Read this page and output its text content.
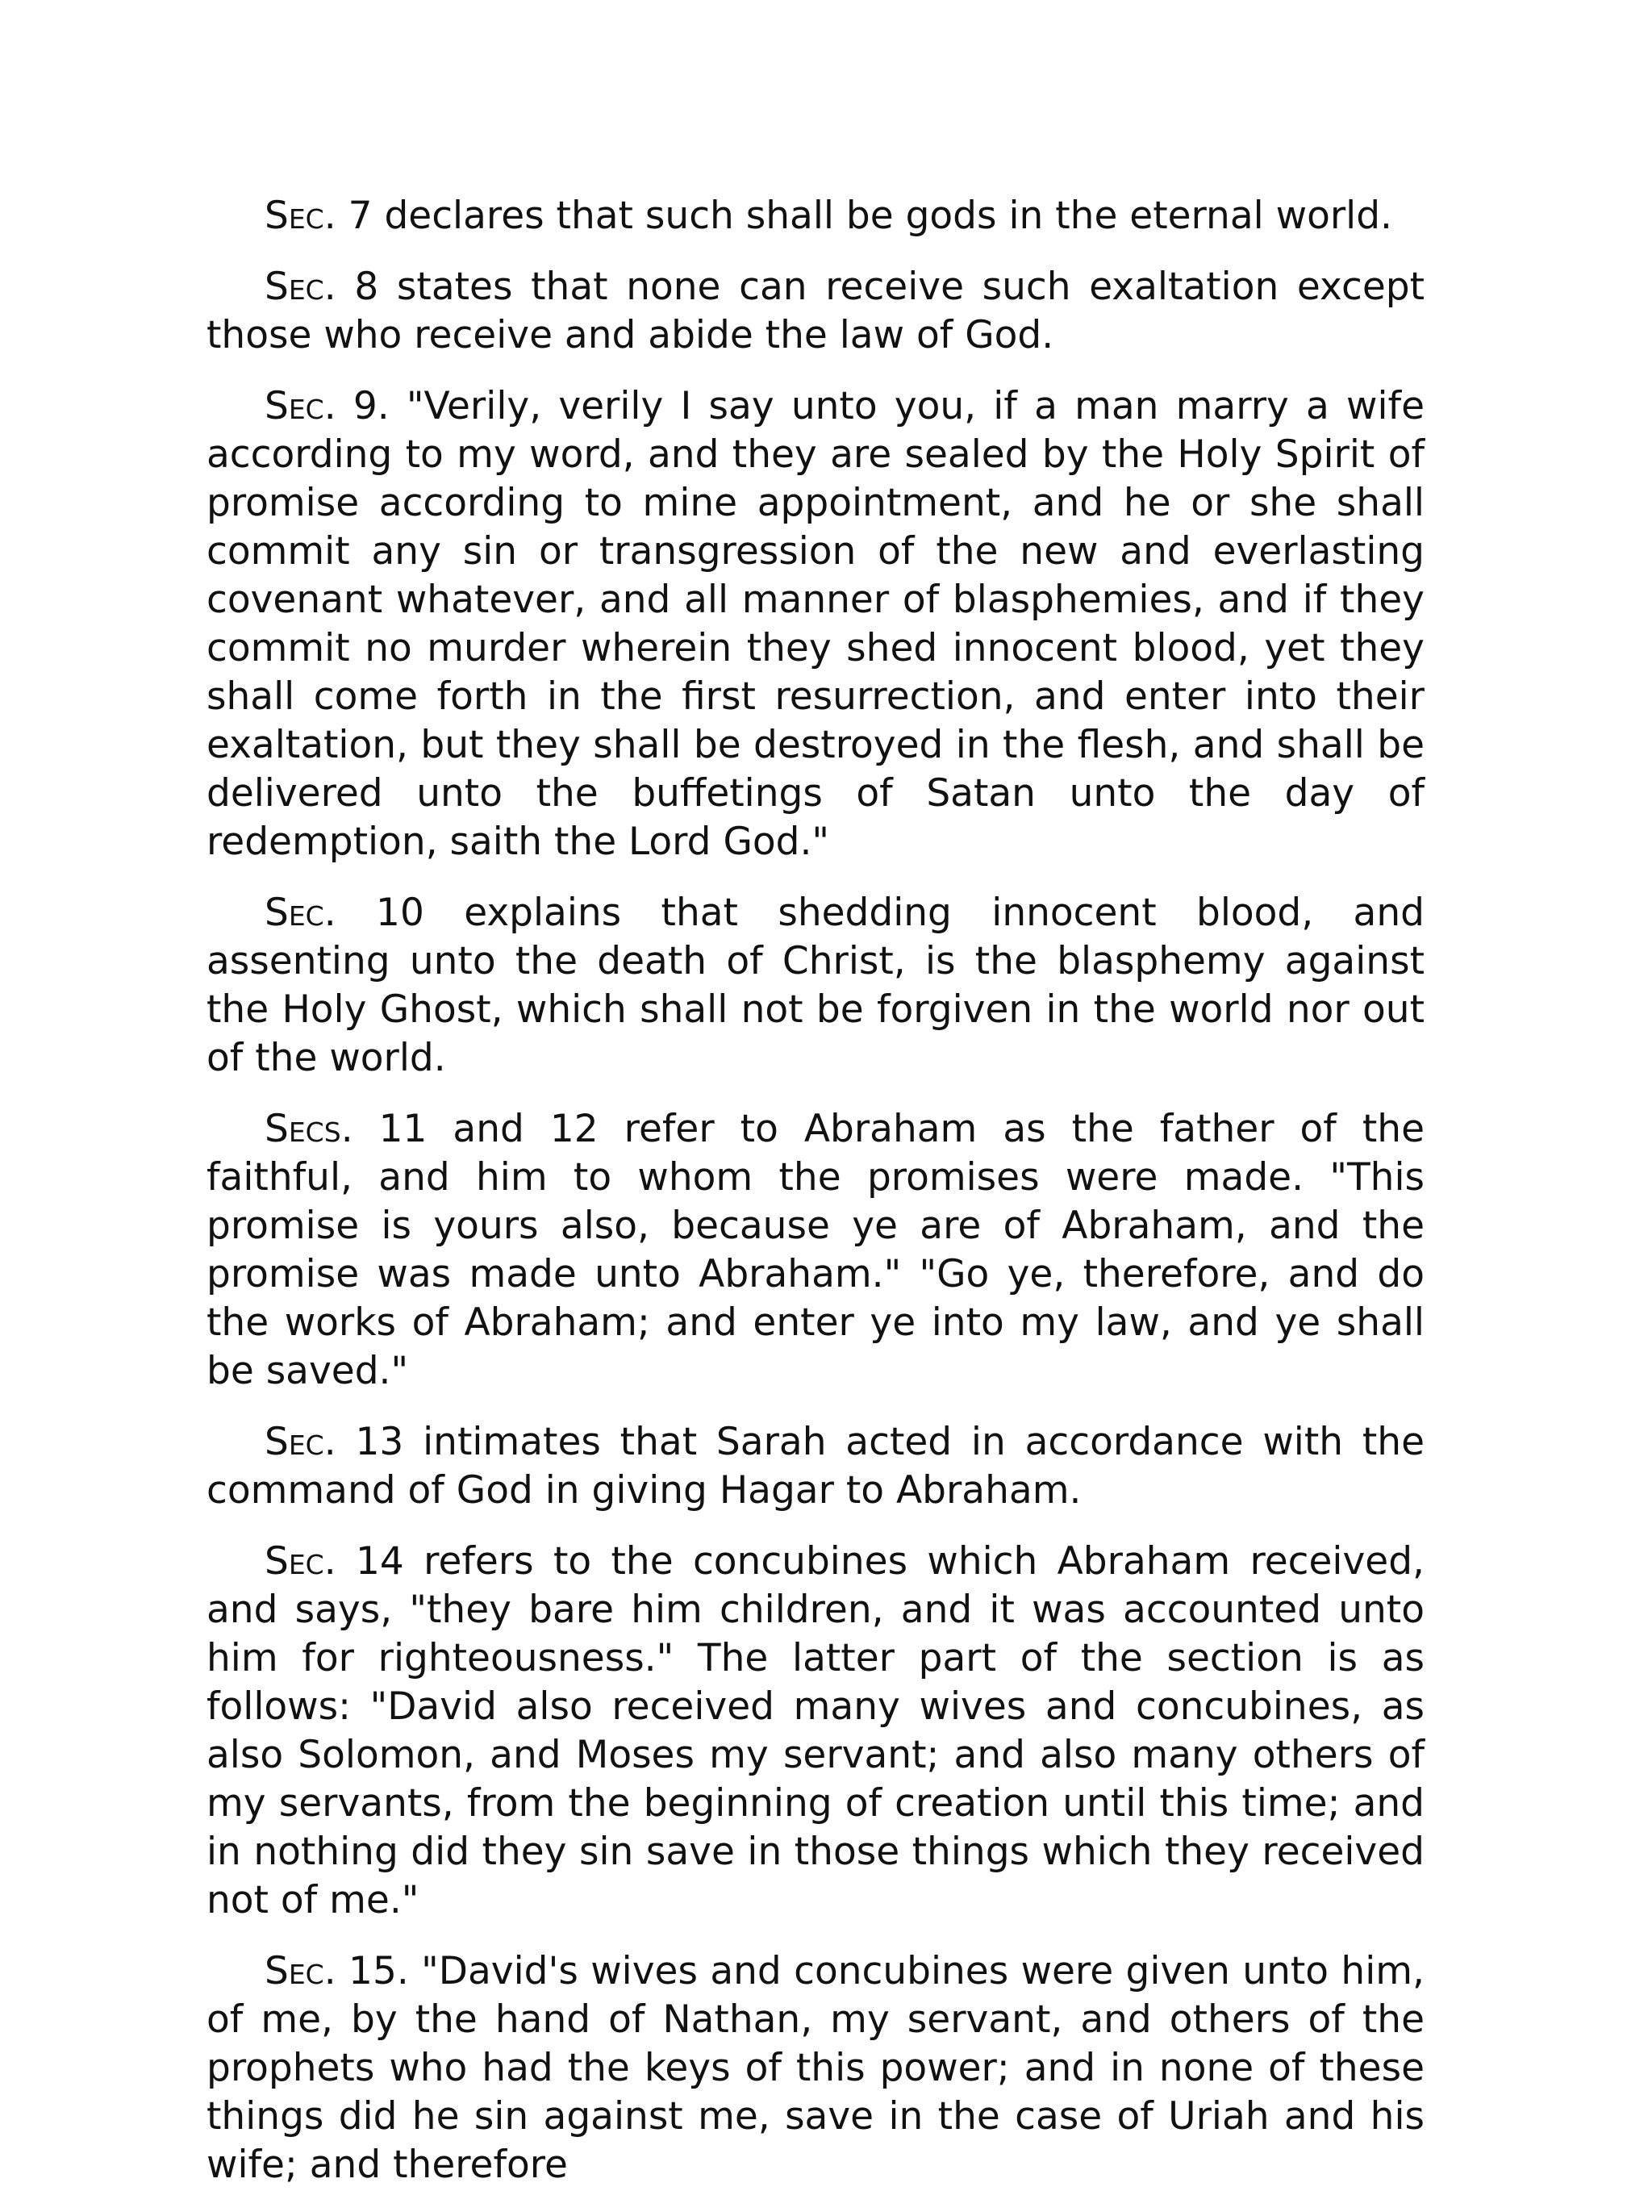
Sec. 7 declares that such shall be gods in the eternal world.

Sec. 8 states that none can receive such exaltation except those who receive and abide the law of God.

Sec. 9. "Verily, verily I say unto you, if a man marry a wife according to my word, and they are sealed by the Holy Spirit of promise according to mine appointment, and he or she shall commit any sin or transgression of the new and everlasting covenant whatever, and all manner of blasphemies, and if they commit no murder wherein they shed innocent blood, yet they shall come forth in the first resurrection, and enter into their exaltation, but they shall be destroyed in the flesh, and shall be delivered unto the buffetings of Satan unto the day of redemption, saith the Lord God."

Sec. 10 explains that shedding innocent blood, and assenting unto the death of Christ, is the blasphemy against the Holy Ghost, which shall not be forgiven in the world nor out of the world.

Secs. 11 and 12 refer to Abraham as the father of the faithful, and him to whom the promises were made. "This promise is yours also, because ye are of Abraham, and the promise was made unto Abraham." "Go ye, therefore, and do the works of Abraham; and enter ye into my law, and ye shall be saved."

Sec. 13 intimates that Sarah acted in accordance with the command of God in giving Hagar to Abraham.

Sec. 14 refers to the concubines which Abraham received, and says, "they bare him children, and it was accounted unto him for righteousness." The latter part of the section is as follows: "David also received many wives and concubines, as also Solomon, and Moses my servant; and also many others of my servants, from the beginning of creation until this time; and in nothing did they sin save in those things which they received not of me."

Sec. 15. "David's wives and concubines were given unto him, of me, by the hand of Nathan, my servant, and others of the prophets who had the keys of this power; and in none of these things did he sin against me, save in the case of Uriah and his wife; and therefore
